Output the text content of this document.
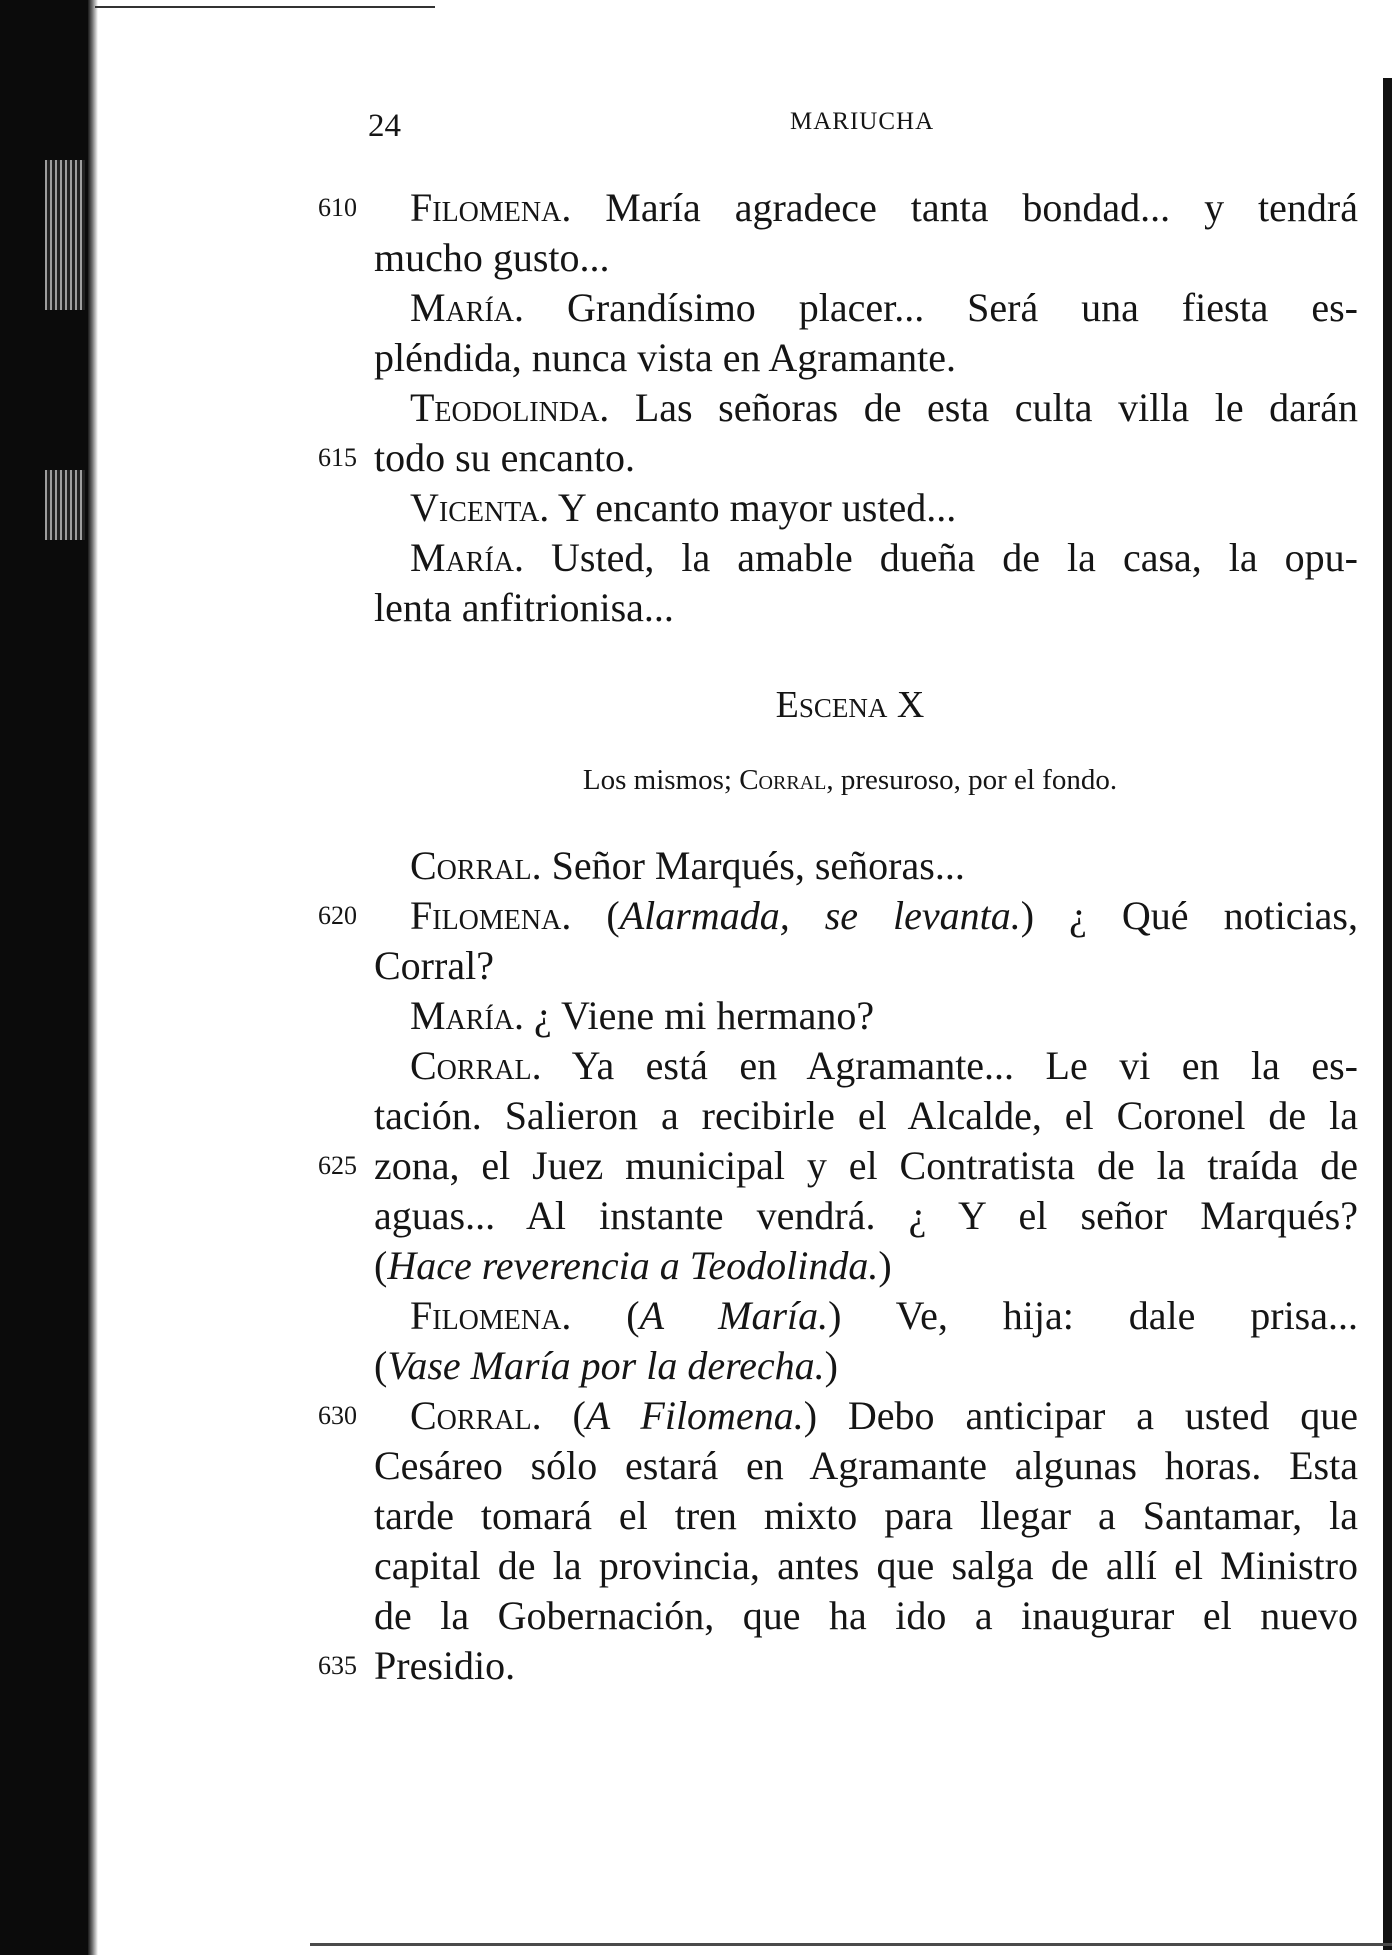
24	MARIUCHA
610
615
620
625
630
635
Filomena. María agradece tanta bondad... y tendrá
mucho gusto...
María. Grandísimo placer... Será una fiesta es-
pléndida, nunca vista en Agramante.
Teodolinda. Las señoras de esta culta villa le darán
todo su encanto.
Vicenta. Y encanto mayor usted...
María. Usted, la amable dueña de la casa, la opu-
lenta anfitrionisa...
Escena X
Los mismos; Corral, presuroso, por el fondo.
Corral. Señor Marqués, señoras...
Filomena. (Alarmada, se levanta.) ¿ Qué noticias,
Corral?
María. ¿ Viene mi hermano?
Corral. Ya está en Agramante... Le vi en la es-
tación. Salieron a recibirle el Alcalde, el Coronel de la
zona, el Juez municipal y el Contratista de la traída de
aguas... Al instante vendrá. ¿ Y el señor Marqués?
(Hace reverencia a Teodolinda.)
Filomena. (A María.) Ve, hija: dale prisa...
(Vase María por la derecha.)
Corral. (A Filomena.) Debo anticipar a usted que
Cesáreo sólo estará en Agramante algunas horas. Esta
tarde tomará el tren mixto para llegar a Santamar, la
capital de la provincia, antes que salga de allí el Ministro
de la Gobernación, que ha ido a inaugurar el nuevo
Presidio.
